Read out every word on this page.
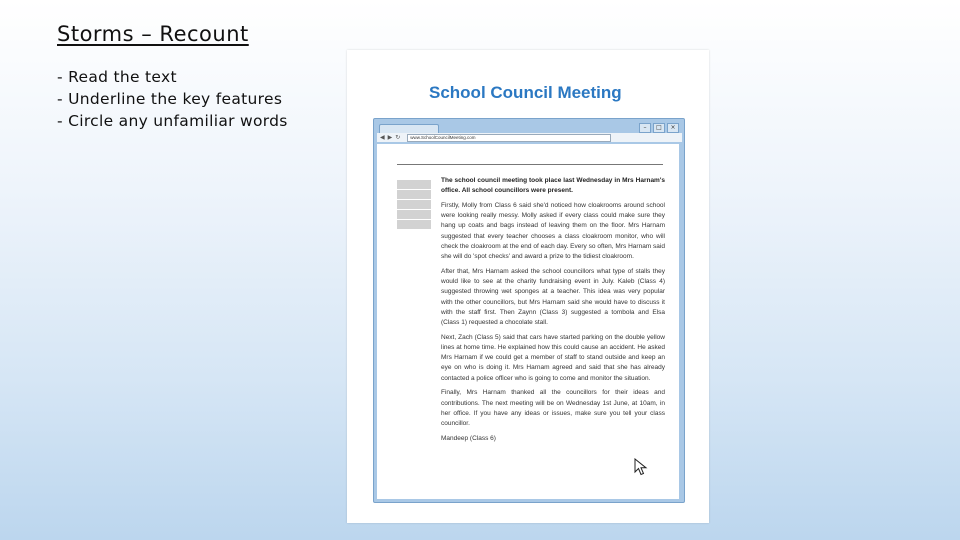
Storms – Recount
- Read the text
- Underline the key features
- Circle any unfamiliar words
School Council Meeting
–	□	×
◀ ▶ ↻	www.SchoolCouncilMeeting.com

The school council meeting took place last Wednesday in Mrs Harnam's office. All school councillors were present.

Firstly, Molly from Class 6 said she'd noticed how cloakrooms around school were looking really messy. Molly asked if every class could make sure they hang up coats and bags instead of leaving them on the floor. Mrs Harnam suggested that every teacher chooses a class cloakroom monitor, who will check the cloakroom at the end of each day. Every so often, Mrs Harnam said she will do 'spot checks' and award a prize to the tidiest cloakroom.

After that, Mrs Harnam asked the school councillors what type of stalls they would like to see at the charity fundraising event in July. Kaleb (Class 4) suggested throwing wet sponges at a teacher. This idea was very popular with the other councillors, but Mrs Harnam said she would have to discuss it with the staff first. Then Zaynn (Class 3) suggested a tombola and Elsa (Class 1) requested a chocolate stall.

Next, Zach (Class 5) said that cars have started parking on the double yellow lines at home time. He explained how this could cause an accident. He asked Mrs Harnam if we could get a member of staff to stand outside and keep an eye on who is doing it. Mrs Harnam agreed and said that she has already contacted a police officer who is going to come and monitor the situation.

Finally, Mrs Harnam thanked all the councillors for their ideas and contributions. The next meeting will be on Wednesday 1st June, at 10am, in her office. If you have any ideas or issues, make sure you tell your class councillor.

Mandeep (Class 6)
